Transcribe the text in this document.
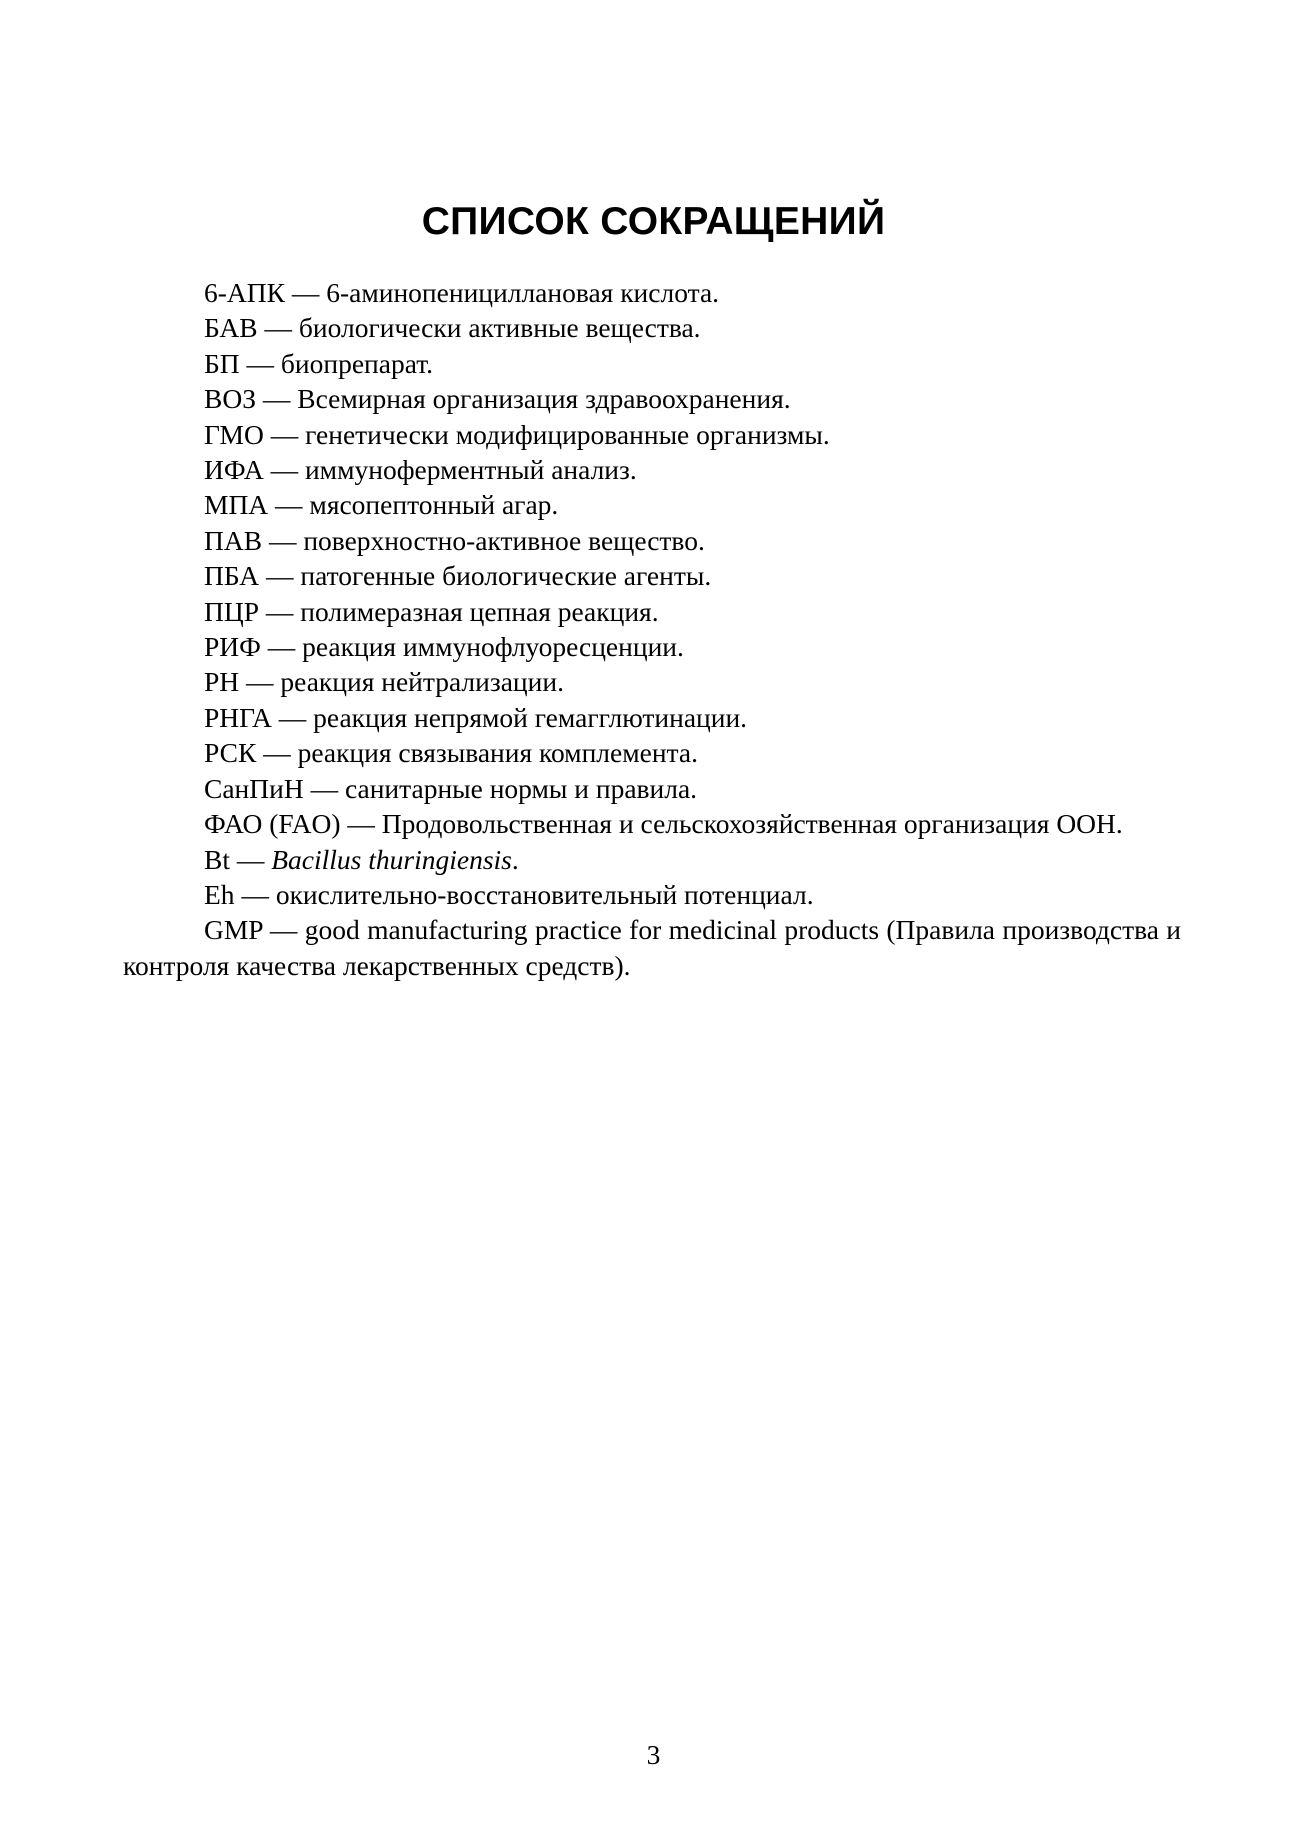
СПИСОК СОКРАЩЕНИЙ
6-АПК — 6-аминопенициллановая кислота.
БАВ — биологически активные вещества.
БП — биопрепарат.
ВОЗ — Всемирная организация здравоохранения.
ГМО — генетически модифицированные организмы.
ИФА — иммуноферментный анализ.
МПА — мясопептонный агар.
ПАВ — поверхностно-активное вещество.
ПБА — патогенные биологические агенты.
ПЦР — полимеразная цепная реакция.
РИФ — реакция иммунофлуоресценции.
РН — реакция нейтрализации.
РНГА — реакция непрямой гемагглютинации.
РСК — реакция связывания комплемента.
СанПиН — санитарные нормы и правила.
ФАО (FAO) — Продовольственная и сельскохозяйственная организация ООН.
Bt — Bacillus thuringiensis.
Eh — окислительно-восстановительный потенциал.
GMP — good manufacturing practice for medicinal products (Правила производства и контроля качества лекарственных средств).
3
